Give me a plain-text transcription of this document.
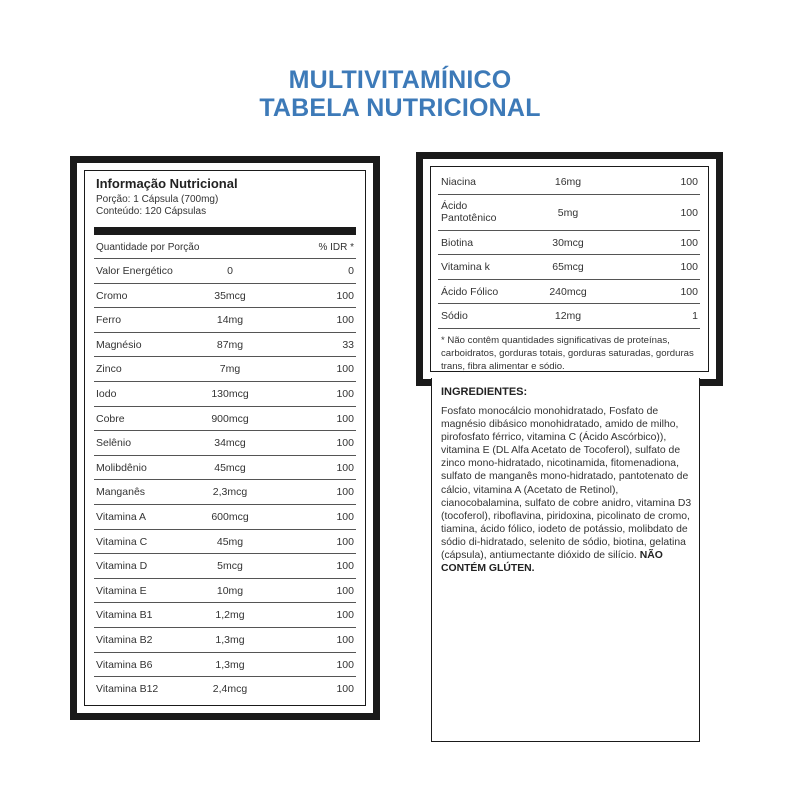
MULTIVITAMÍNICO
TABELA NUTRICIONAL
Informação Nutricional
Porção: 1 Cápsula (700mg)
Conteúdo: 120 Cápsulas
Quantidade por Porção	% IDR *
Valor Energético	0	0
Cromo	35mcg	100
Ferro	14mg	100
Magnésio	87mg	33
Zinco	7mg	100
Iodo	130mcg	100
Cobre	900mcg	100
Selênio	34mcg	100
Molibdênio	45mcg	100
Manganês	2,3mcg	100
Vitamina A	600mcg	100
Vitamina C	45mg	100
Vitamina D	5mcg	100
Vitamina E	10mg	100
Vitamina B1	1,2mg	100
Vitamina B2	1,3mg	100
Vitamina B6	1,3mg	100
Vitamina B12	2,4mcg	100
Niacina	16mg	100
Ácido Pantotênico	5mg	100
Biotina	30mcg	100
Vitamina k	65mcg	100
Ácido Fólico	240mcg	100
Sódio	12mg	1
* Não contêm quantidades significativas de proteínas, carboidratos, gorduras totais, gorduras saturadas, gorduras trans, fibra alimentar e sódio.
INGREDIENTES:
Fosfato monocálcio monohidratado, Fosfato de magnésio dibásico monohidratado, amido de milho, pirofosfato férrico, vitamina C (Ácido Ascórbico)), vitamina E (DL Alfa Acetato de Tocoferol), sulfato de zinco mono-hidratado, nicotinamida, fitomenadiona, sulfato de manganês mono-hidratado, pantotenato de cálcio, vitamina A (Acetato de Retinol), cianocobalamina, sulfato de cobre anidro, vitamina D3 (tocoferol), riboflavina, piridoxina, picolinato de cromo, tiamina, ácido fólico, iodeto de potássio, molibdato de sódio di-hidratado, selenito de sódio, biotina, gelatina (cápsula), antiumectante dióxido de silício. NÃO CONTÉM GLÚTEN.
